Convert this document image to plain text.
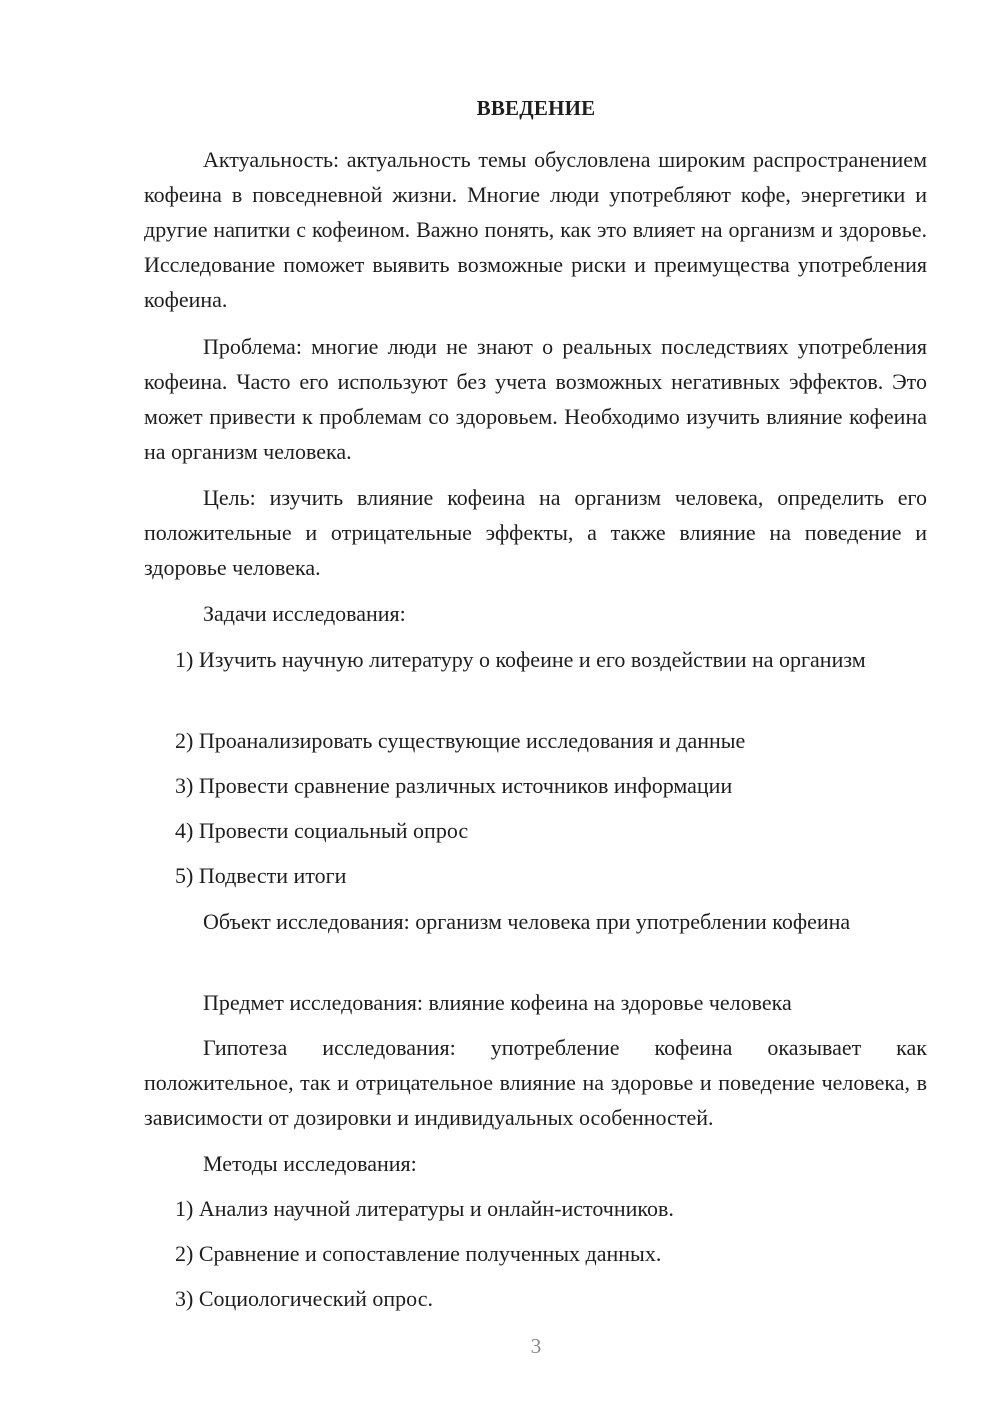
ВВЕДЕНИЕ

Актуальность: актуальность темы обусловлена широким распространением кофеина в повседневной жизни. Многие люди употребляют кофе, энергетики и другие напитки с кофеином. Важно понять, как это влияет на организм и здоровье. Исследование поможет выявить возможные риски и преимущества употребления кофеина.

Проблема: многие люди не знают о реальных последствиях употребления кофеина. Часто его используют без учета возможных негативных эффектов. Это может привести к проблемам со здоровьем. Необходимо изучить влияние кофеина на организм человека.

Цель: изучить влияние кофеина на организм человека, определить его положительные и отрицательные эффекты, а также влияние на поведение и здоровье человека.

Задачи исследования:

1) Изучить научную литературу о кофеине и его воздействии на организм

2) Проанализировать существующие исследования и данные

3) Провести сравнение различных источников информации

4) Провести социальный опрос

5) Подвести итоги

Объект исследования: организм человека при употреблении кофеина

Предмет исследования: влияние кофеина на здоровье человека

Гипотеза исследования: употребление кофеина оказывает как положительное, так и отрицательное влияние на здоровье и поведение человека, в зависимости от дозировки и индивидуальных особенностей.

Методы исследования:

1) Анализ научной литературы и онлайн-источников.

2) Сравнение и сопоставление полученных данных.

3) Социологический опрос.

3
